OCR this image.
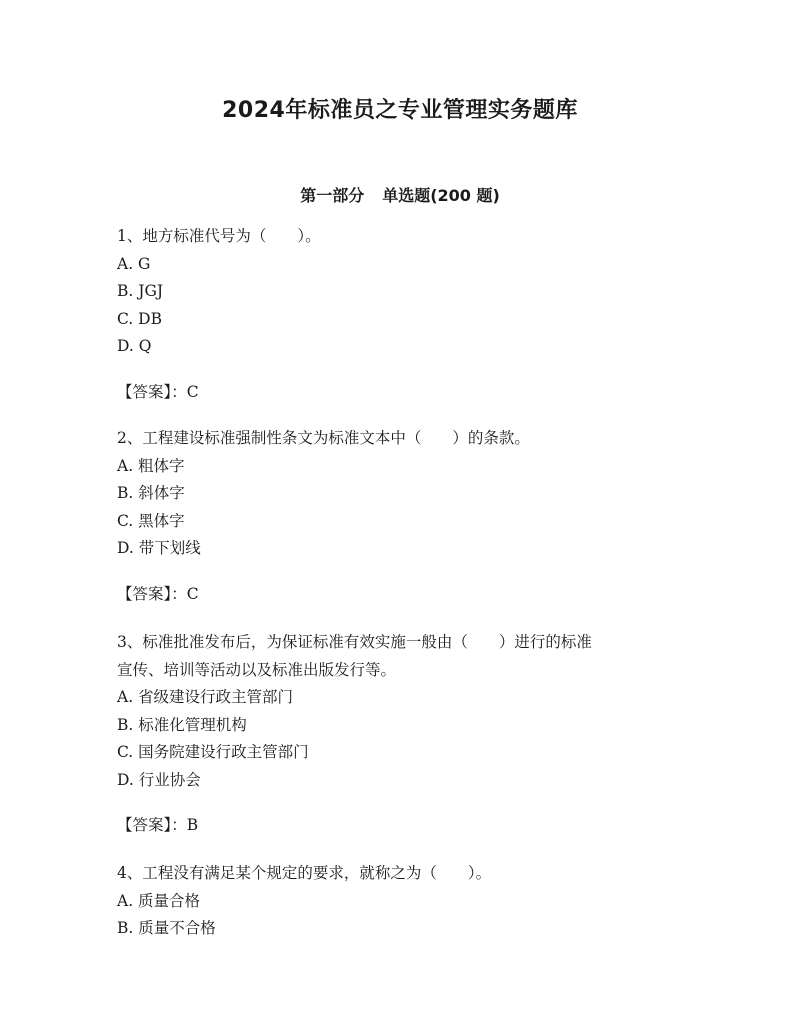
2024年标准员之专业管理实务题库
第一部分 单选题(200 题)
1、地方标准代号为（　　）。
A. G
B. JGJ
C. DB
D. Q
【答案】：C
2、工程建设标准强制性条文为标准文本中（　　）的条款。
A. 粗体字
B. 斜体字
C. 黑体字
D. 带下划线
【答案】：C
3、标准批准发布后，为保证标准有效实施一般由（　　）进行的标准
宣传、培训等活动以及标准出版发行等。
A. 省级建设行政主管部门
B. 标准化管理机构
C. 国务院建设行政主管部门
D. 行业协会
【答案】：B
4、工程没有满足某个规定的要求，就称之为（　　）。
A. 质量合格
B. 质量不合格
